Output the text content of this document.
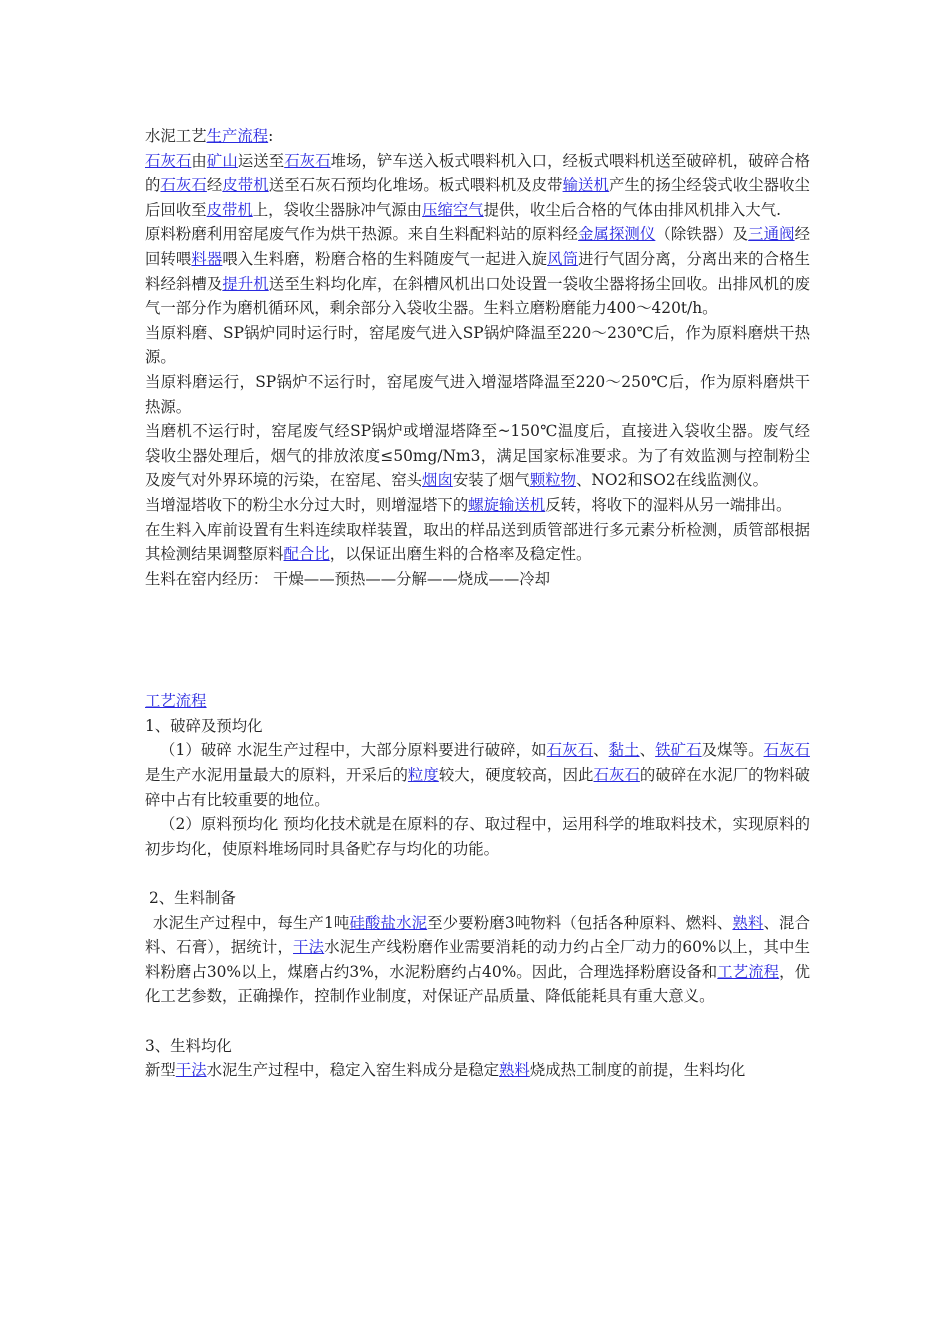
水泥工艺生产流程:

石灰石由矿山运送至石灰石堆场，铲车送入板式喂料机入口，经板式喂料机送至破碎机，破碎合格的石灰石经皮带机送至石灰石预均化堆场。板式喂料机及皮带输送机产生的扬尘经袋式收尘器收尘后回收至皮带机上，袋收尘器脉冲气源由压缩空气提供，收尘后合格的气体由排风机排入大气.

原料粉磨利用窑尾废气作为烘干热源。来自生料配料站的原料经金属探测仪（除铁器）及三通阀经回转喂料器喂入生料磨，粉磨合格的生料随废气一起进入旋风筒进行气固分离，分离出来的合格生料经斜槽及提升机送至生料均化库，在斜槽风机出口处设置一袋收尘器将扬尘回收。出排风机的废气一部分作为磨机循环风，剩余部分入袋收尘器。生料立磨粉磨能力400～420t/h。

当原料磨、SP锅炉同时运行时，窑尾废气进入SP锅炉降温至220～230℃后，作为原料磨烘干热源。

当原料磨运行，SP锅炉不运行时，窑尾废气进入增湿塔降温至220～250℃后，作为原料磨烘干热源。

当磨机不运行时，窑尾废气经SP锅炉或增湿塔降至~150℃温度后，直接进入袋收尘器。废气经袋收尘器处理后，烟气的排放浓度≤50mg/Nm3，满足国家标准要求。为了有效监测与控制粉尘及废气对外界环境的污染，在窑尾、窑头烟囱安装了烟气颗粒物、NO2和SO2在线监测仪。

当增湿塔收下的粉尘水分过大时，则增湿塔下的螺旋输送机反转，将收下的湿料从另一端排出。

在生料入库前设置有生料连续取样装置，取出的样品送到质管部进行多元素分析检测，质管部根据其检测结果调整原料配合比，以保证出磨生料的合格率及稳定性。

生料在窑内经历： 干燥——预热——分解——烧成——冷却

工艺流程

1、破碎及预均化

（1）破碎 水泥生产过程中，大部分原料要进行破碎，如石灰石、黏土、铁矿石及煤等。石灰石是生产水泥用量最大的原料，开采后的粒度较大，硬度较高，因此石灰石的破碎在水泥厂的物料破碎中占有比较重要的地位。

（2）原料预均化 预均化技术就是在原料的存、取过程中，运用科学的堆取料技术，实现原料的初步均化，使原料堆场同时具备贮存与均化的功能。

2、生料制备

水泥生产过程中，每生产1吨硅酸盐水泥至少要粉磨3吨物料（包括各种原料、燃料、熟料、混合料、石膏），据统计，干法水泥生产线粉磨作业需要消耗的动力约占全厂动力的60%以上，其中生料粉磨占30%以上，煤磨占约3%，水泥粉磨约占40%。因此，合理选择粉磨设备和工艺流程，优化工艺参数，正确操作，控制作业制度，对保证产品质量、降低能耗具有重大意义。

3、生料均化

新型干法水泥生产过程中，稳定入窑生料成分是稳定熟料烧成热工制度的前提，生料均化
